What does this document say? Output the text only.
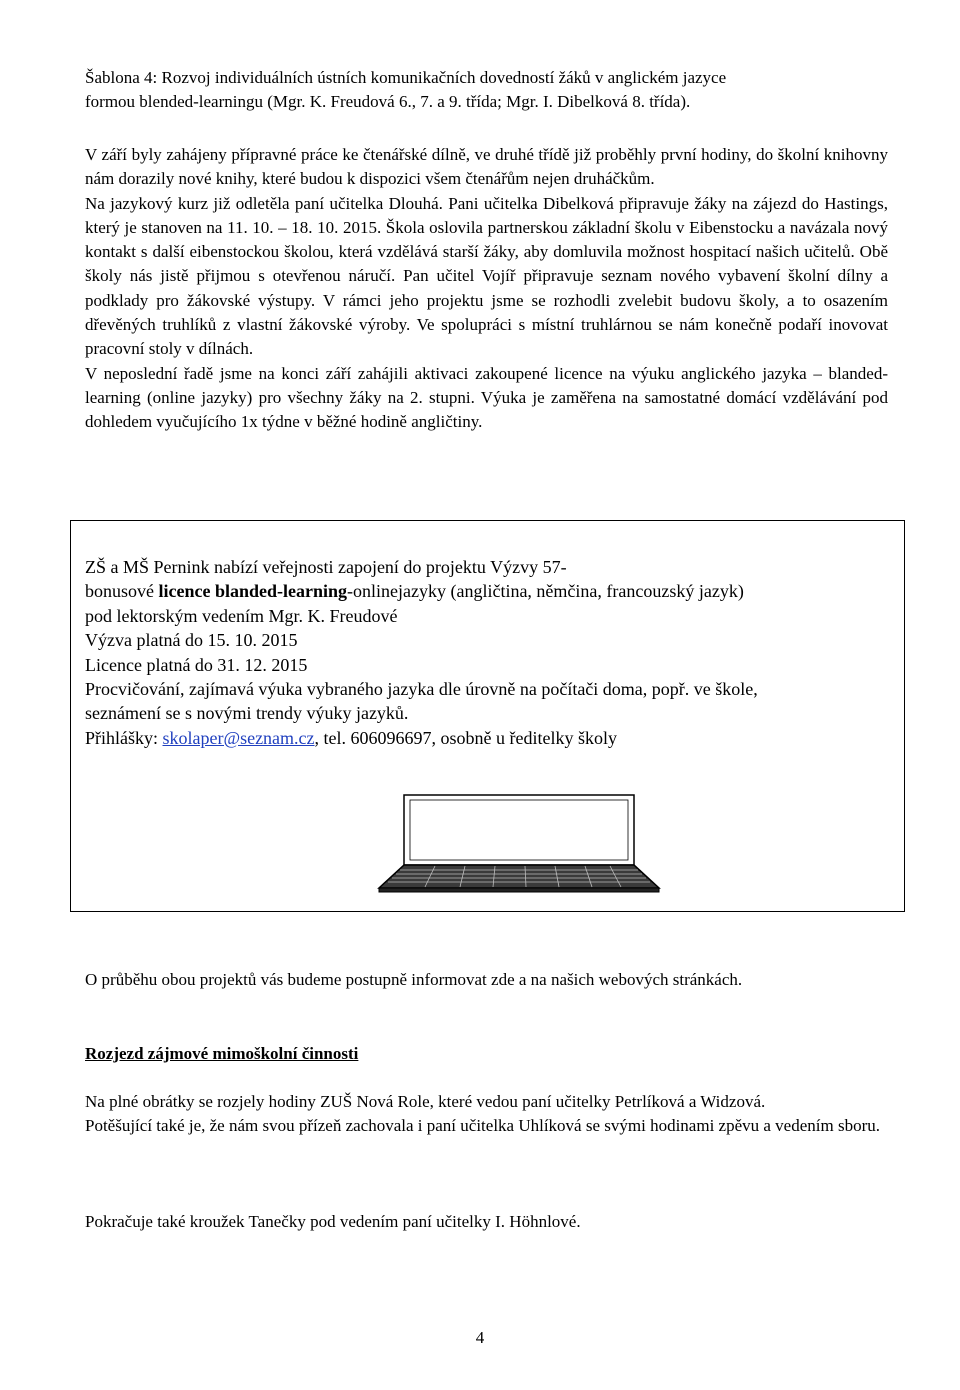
Šablona 4: Rozvoj individuálních ústních komunikačních dovedností žáků v anglickém jazyce
formou blended-learningu (Mgr. K. Freudová 6., 7. a 9. třída; Mgr. I. Dibelková 8. třída).
V září byly zahájeny přípravné práce ke čtenářské dílně, ve druhé třídě již proběhly první hodiny, do školní knihovny nám dorazily nové knihy, které budou k dispozici všem čtenářům nejen druháčkům.
Na jazykový kurz již odletěla paní učitelka Dlouhá. Pani učitelka Dibelková připravuje žáky na zájezd do Hastings, který je stanoven na 11. 10. – 18. 10. 2015. Škola oslovila partnerskou základní školu v Eibenstocku a navázala nový kontakt s další eibenstockou školou, která vzdělává starší žáky, aby domluvila možnost hospitací našich učitelů. Obě školy nás jistě přijmou s otevřenou náručí. Pan učitel Vojíř připravuje seznam nového vybavení školní dílny a podklady pro žákovské výstupy. V rámci jeho projektu jsme se rozhodli zvelebit budovu školy, a to osazením dřevěných truhlíků z vlastní žákovské výroby. Ve spolupráci s místní truhlárnou se nám konečně podaří inovovat pracovní stoly v dílnách.
V neposlední řadě jsme na konci září zahájili aktivaci zakoupené licence na výuku anglického jazyka – blanded-learning (online jazyky) pro všechny žáky na 2. stupni. Výuka je zaměřena na samostatné domácí vzdělávání pod dohledem vyučujícího 1x týdne v běžné hodině angličtiny.
ZŠ a MŠ Pernink nabízí veřejnosti zapojení do projektu Výzvy 57-
bonusové licence blanded-learning-onlinejazyky (angličtina, němčina, francouzský jazyk)
pod lektorským vedením Mgr. K. Freudové
Výzva platná do 15. 10. 2015
Licence platná do 31. 12. 2015
Procvičování, zajímavá výuka vybraného jazyka dle úrovně na počítači doma, popř. ve škole,
seznámení se s novými trendy výuky jazyků.
Přihlášky: skolaper@seznam.cz, tel. 606096697, osobně u ředitelky školy

O průběhu obou projektů vás budeme postupně informovat zde a na našich webových stránkách.

Rozjezd zájmové mimoškolní činnosti
Na plné obrátky se rozjely hodiny ZUŠ Nová Role, které vedou paní učitelky Petrlíková a Widzová.
Potěšující také je, že nám svou přízeň zachovala i paní učitelka Uhlíková se svými hodinami zpěvu a vedením sboru.

Pokračuje také kroužek Tanečky pod vedením paní učitelky I. Höhnlové.

4
